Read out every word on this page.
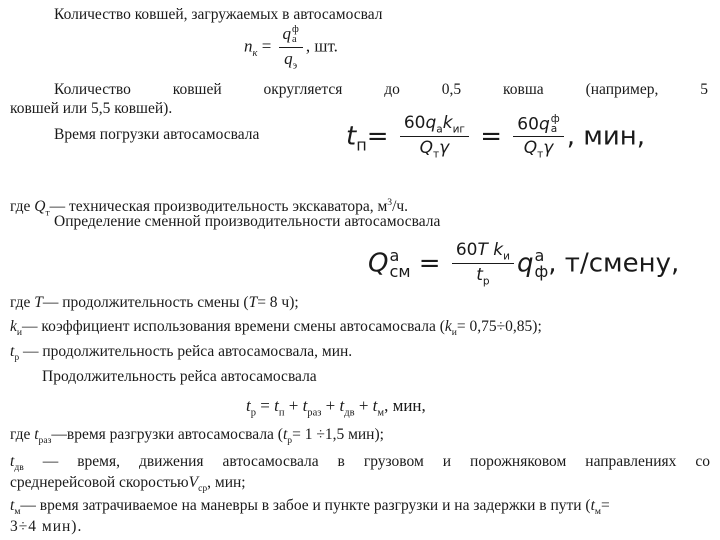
Количество ковшей, загружаемых в автосамосвал
$n_к = q$ ф
а
$q_э$ , шт.
Количество ковшей округляется до 0,5 ковша (например, 5
ковшей или 5,5 ковшей).
Время погрузки автосамосвала	$t_п= \frac{60q_аk_{иг}}{Q_т\gamma} = 60q$ ф
а
$Q_т\gamma$ , мин,
где $Q_т—$ техническая производительность экскаватора, $м^3/ч$.
Определение сменной производительности автосамосвала
Q а
см = $\frac{60T k_и}{t_р}$ q а
ф , т/смену,
где T— продолжительность смены (T= 8 ч);
$k_и—$ коэффициент использования времени смены автосамосвала $(k_и= 0,75\div 0,85)$;
$t_р$ — продолжительность рейса автосамосвала, мин.
Продолжительность рейса автосамосвала
$t_р = t_п + t_{раз} + t_{дв} + t_м$, мин,
где $t_{раз}—время$ разгрузки автосамосвала ($t_р= 1 \div 1,5$ мин);
$t_{дв}$ — время, движения автосамосвала в грузовом и порожняковом направлениях со
среднерейсовой скоростьюV$_{ср}$, мин;
$t_м—$ время затрачиваемое на маневры в забое и пункте разгрузки и на задержки в пути ($t_м=$
3÷4 мин).
